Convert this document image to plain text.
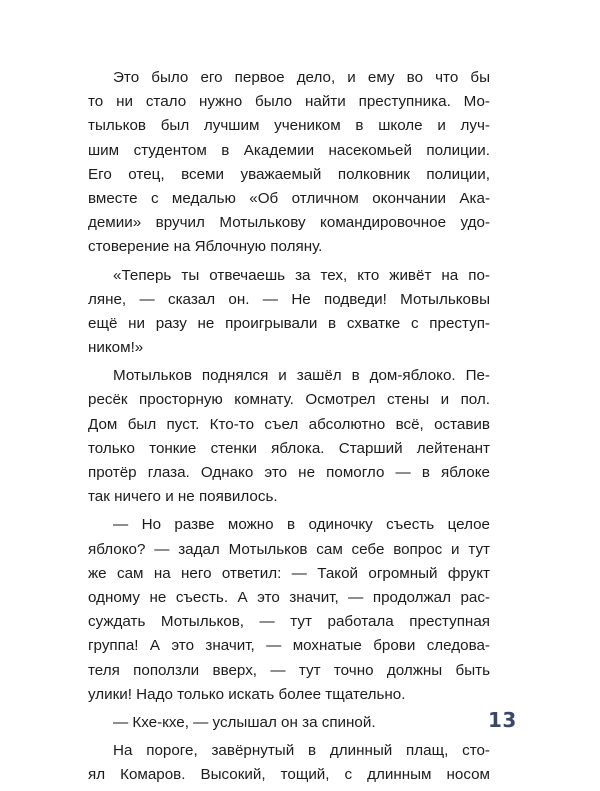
Это было его первое дело, и ему во что бы
то ни стало нужно было найти преступника. Мо-
тыльков был лучшим учеником в школе и луч-
шим студентом в Академии насекомьей полиции.
Его отец, всеми уважаемый полковник полиции,
вместе с медалью «Об отличном окончании Ака-
демии» вручил Мотылькову командировочное удо-
стоверение на Яблочную поляну.
«Теперь ты отвечаешь за тех, кто живёт на по-
ляне, — сказал он. — Не подведи! Мотыльковы
ещё ни разу не проигрывали в схватке с преступ-
ником!»
Мотыльков поднялся и зашёл в дом-яблоко. Пе-
ресёк просторную комнату. Осмотрел стены и пол.
Дом был пуст. Кто-то съел абсолютно всё, оставив
только тонкие стенки яблока. Старший лейтенант
протёр глаза. Однако это не помогло — в яблоке
так ничего и не появилось.
— Но разве можно в одиночку съесть целое
яблоко? — задал Мотыльков сам себе вопрос и тут
же сам на него ответил: — Такой огромный фрукт
одному не съесть. А это значит, — продолжал рас-
суждать Мотыльков, — тут работала преступная
группа! А это значит, — мохнатые брови следова-
теля поползли вверх, — тут точно должны быть
улики! Надо только искать более тщательно.
— Кхе-кхе, — услышал он за спиной.
На пороге, завёрнутый в длинный плащ, сто-
ял Комаров. Высокий, тощий, с длинным носом
13
